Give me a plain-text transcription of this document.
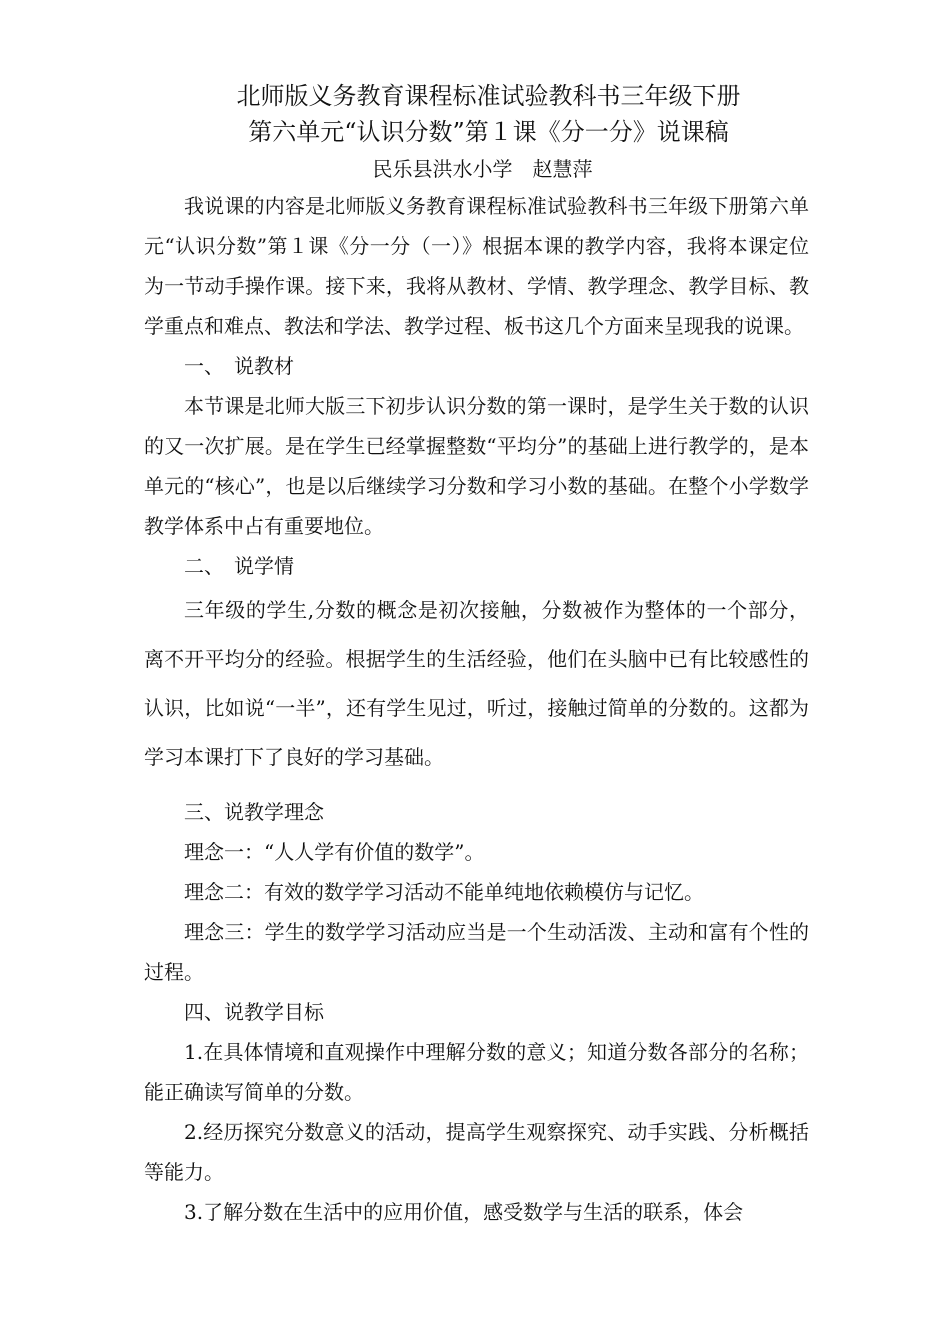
北师版义务教育课程标准试验教科书三年级下册

第六单元“认识分数”第１课《分一分》说课稿

民乐县洪水小学　赵慧萍

我说课的内容是北师版义务教育课程标准试验教科书三年级下册第六单元“认识分数”第１课《分一分（一）》根据本课的教学内容，我将本课定位为一节动手操作课。接下来，我将从教材、学情、教学理念、教学目标、教学重点和难点、教法和学法、教学过程、板书这几个方面来呈现我的说课。

一、　说教材

本节课是北师大版三下初步认识分数的第一课时，是学生关于数的认识的又一次扩展。是在学生已经掌握整数“平均分”的基础上进行教学的，是本单元的“核心”，也是以后继续学习分数和学习小数的基础。在整个小学数学教学体系中占有重要地位。

二、　说学情

三年级的学生,分数的概念是初次接触，分数被作为整体的一个部分，离不开平均分的经验。根据学生的生活经验，他们在头脑中已有比较感性的认识，比如说“一半”，还有学生见过，听过，接触过简单的分数的。这都为学习本课打下了良好的学习基础。

三、说教学理念

理念一：“人人学有价值的数学”。

理念二：有效的数学学习活动不能单纯地依赖模仿与记忆。

理念三：学生的数学学习活动应当是一个生动活泼、主动和富有个性的过程。

四、说教学目标

1.在具体情境和直观操作中理解分数的意义；知道分数各部分的名称；能正确读写简单的分数。

2.经历探究分数意义的活动，提高学生观察探究、动手实践、分析概括等能力。

3.了解分数在生活中的应用价值，感受数学与生活的联系，体会
